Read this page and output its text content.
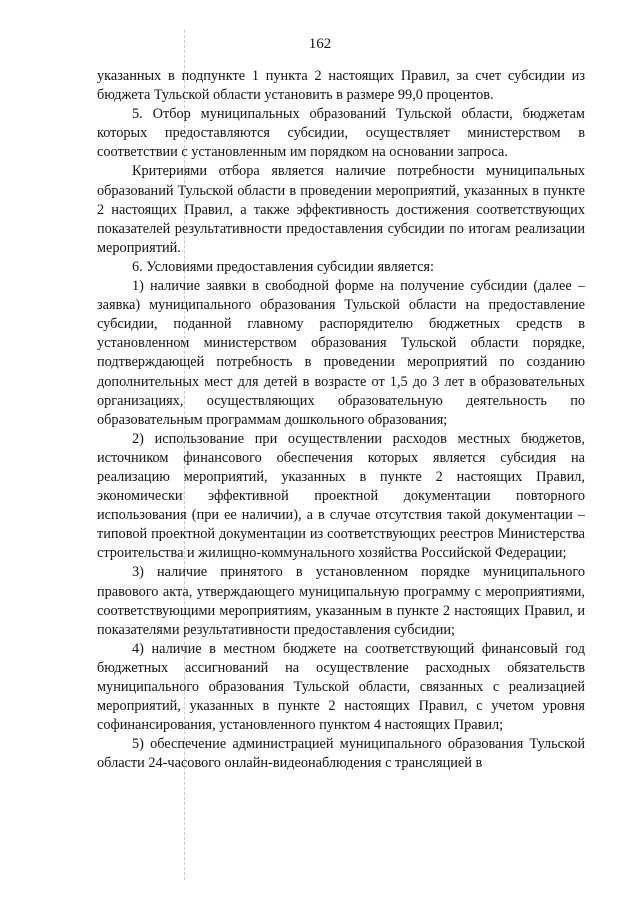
162

указанных в подпункте 1 пункта 2 настоящих Правил, за счет субсидии из бюджета Тульской области установить в размере 99,0 процентов.

5. Отбор муниципальных образований Тульской области, бюджетам которых предоставляются субсидии, осуществляет министерством в соответствии с установленным им порядком на основании запроса.

Критериями отбора является наличие потребности муниципальных образований Тульской области в проведении мероприятий, указанных в пункте 2 настоящих Правил, а также эффективность достижения соответствующих показателей результативности предоставления субсидии по итогам реализации мероприятий.

6. Условиями предоставления субсидии является:

1) наличие заявки в свободной форме на получение субсидии (далее – заявка) муниципального образования Тульской области на предоставление субсидии, поданной главному распорядителю бюджетных средств в установленном министерством образования Тульской области порядке, подтверждающей потребность в проведении мероприятий по созданию дополнительных мест для детей в возрасте от 1,5 до 3 лет в образовательных организациях, осуществляющих образовательную деятельность по образовательным программам дошкольного образования;

2) использование при осуществлении расходов местных бюджетов, источником финансового обеспечения которых является субсидия на реализацию мероприятий, указанных в пункте 2 настоящих Правил, экономически эффективной проектной документации повторного использования (при ее наличии), а в случае отсутствия такой документации – типовой проектной документации из соответствующих реестров Министерства строительства и жилищно-коммунального хозяйства Российской Федерации;

3) наличие принятого в установленном порядке муниципального правового акта, утверждающего муниципальную программу с мероприятиями, соответствующими мероприятиям, указанным в пункте 2 настоящих Правил, и показателями результативности предоставления субсидии;

4) наличие в местном бюджете на соответствующий финансовый год бюджетных ассигнований на осуществление расходных обязательств муниципального образования Тульской области, связанных с реализацией мероприятий, указанных в пункте 2 настоящих Правил, с учетом уровня софинансирования, установленного пунктом 4 настоящих Правил;

5) обеспечение администрацией муниципального образования Тульской области 24-часового онлайн-видеонаблюдения с трансляцией в
